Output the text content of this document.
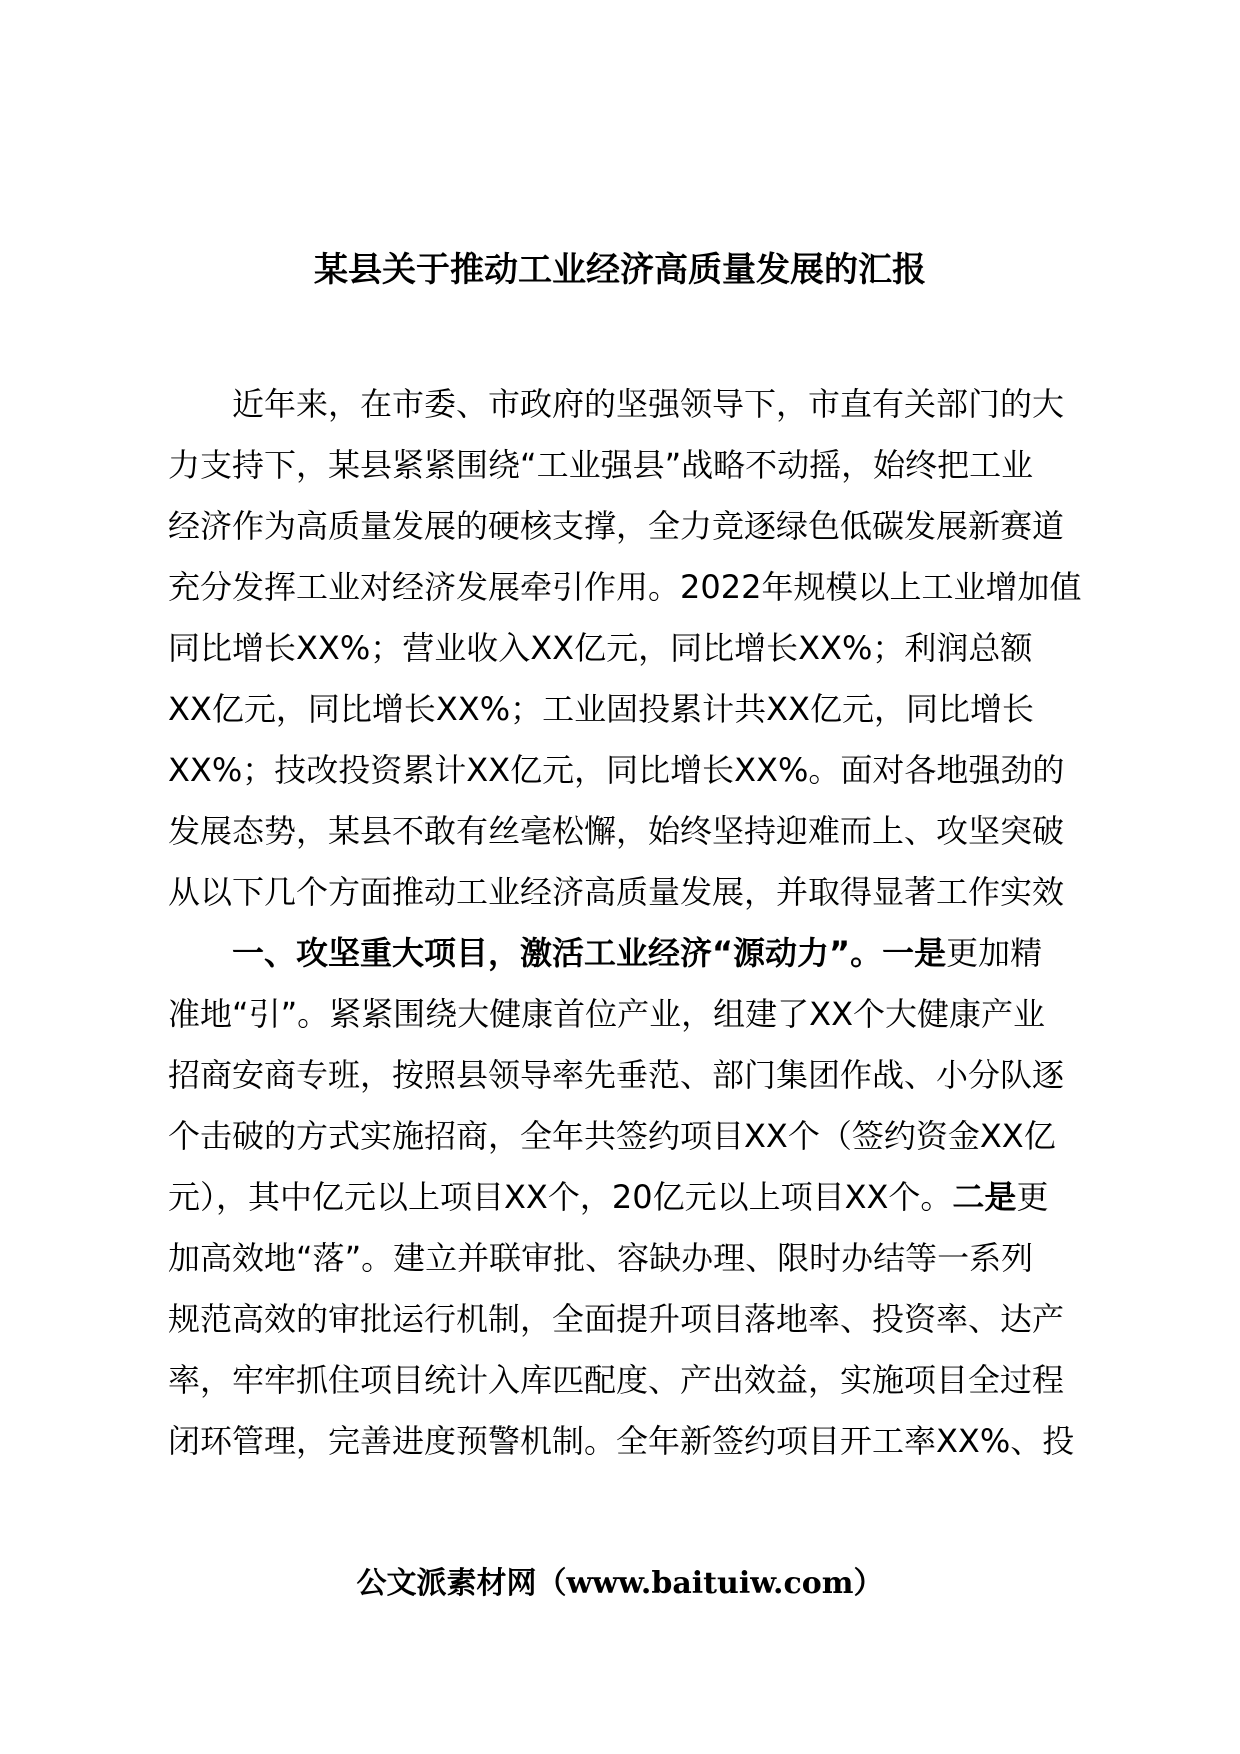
某县关于推动工业经济高质量发展的汇报
近年来，在市委、市政府的坚强领导下，市直有关部门的大
力支持下，某县紧紧围绕“工业强县”战略不动摇，始终把工业
经济作为高质量发展的硬核支撑，全力竞逐绿色低碳发展新赛道
充分发挥工业对经济发展牵引作用。2022年规模以上工业增加值
同比增长XX%；营业收入XX亿元，同比增长XX%；利润总额
XX亿元，同比增长XX%；工业固投累计共XX亿元，同比增长
XX%；技改投资累计XX亿元，同比增长XX%。面对各地强劲的
发展态势，某县不敢有丝毫松懈，始终坚持迎难而上、攻坚突破
从以下几个方面推动工业经济高质量发展，并取得显著工作实效
一、攻坚重大项目，激活工业经济“源动力”。一是更加精
准地“引”。紧紧围绕大健康首位产业，组建了XX个大健康产业
招商安商专班，按照县领导率先垂范、部门集团作战、小分队逐
个击破的方式实施招商，全年共签约项目XX个（签约资金XX亿
元），其中亿元以上项目XX个，20亿元以上项目XX个。二是更
加高效地“落”。建立并联审批、容缺办理、限时办结等一系列
规范高效的审批运行机制，全面提升项目落地率、投资率、达产
率，牢牢抓住项目统计入库匹配度、产出效益，实施项目全过程
闭环管理，完善进度预警机制。全年新签约项目开工率XX%、投
公文派素材网（www.baituiw.com）
